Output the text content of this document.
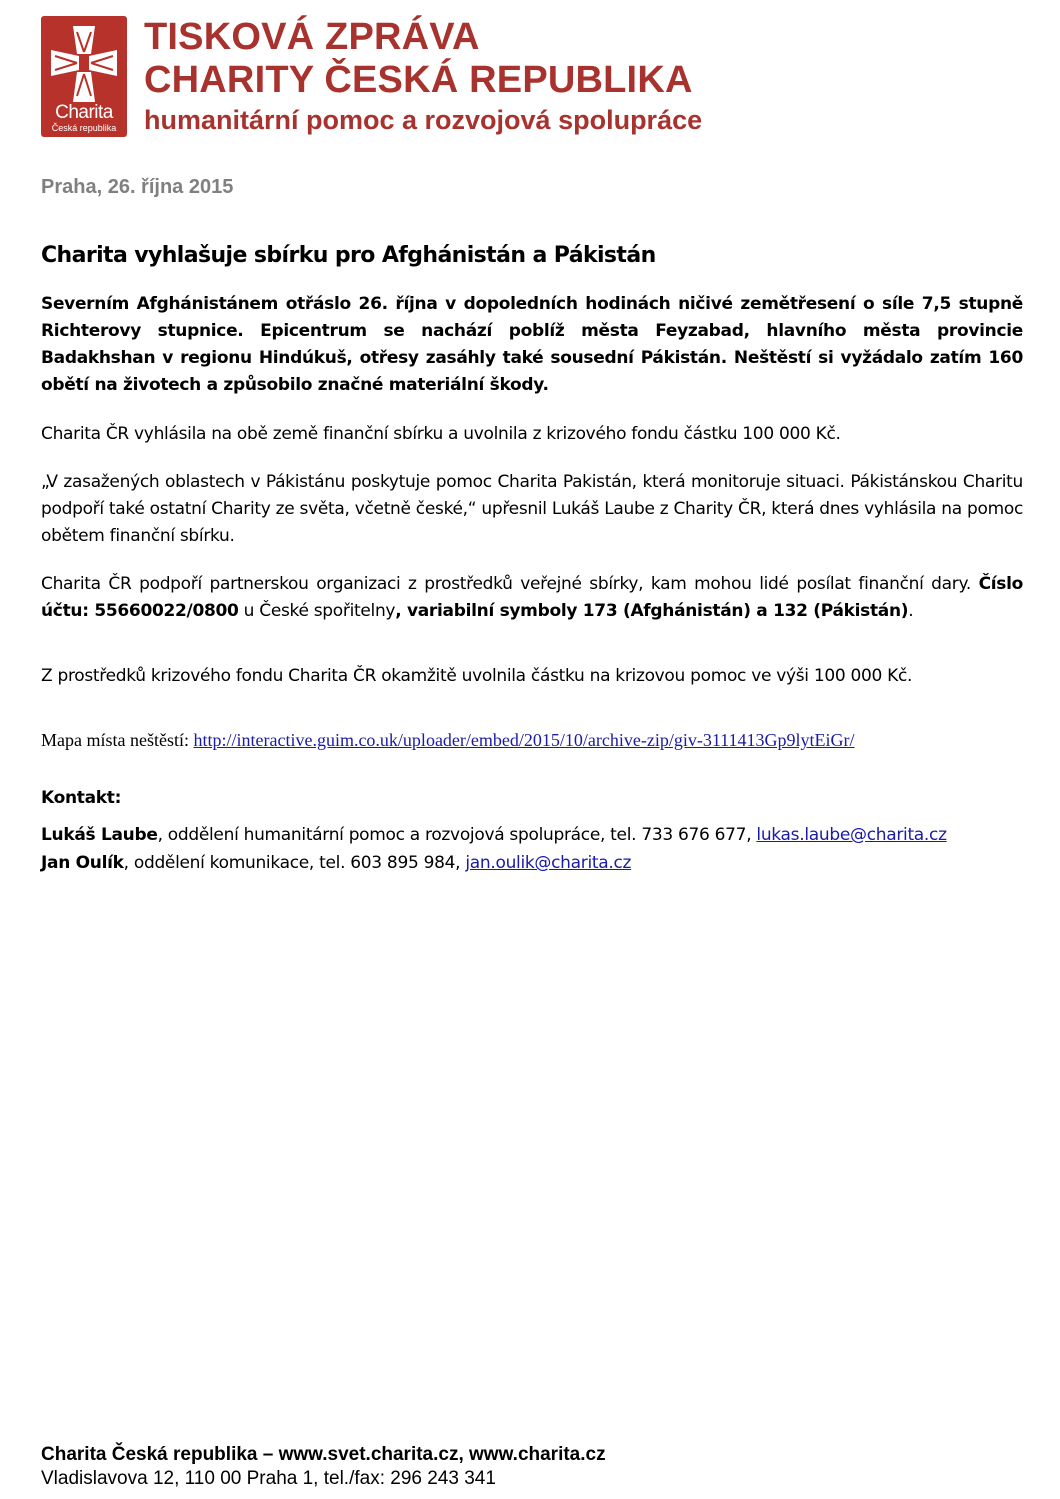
Charita
Česká republika
TISKOVÁ ZPRÁVA
CHARITY ČESKÁ REPUBLIKA
humanitární pomoc a rozvojová spolupráce
Praha, 26. října 2015
Charita vyhlašuje sbírku pro Afghánistán a Pákistán
Severním Afghánistánem otřáslo 26. října v dopoledních hodinách ničivé zemětřesení o síle 7,5 stupně Richterovy stupnice. Epicentrum se nachází poblíž města Feyzabad, hlavního města provincie Badakhshan v regionu Hindúkuš, otřesy zasáhly také sousední Pákistán. Neštěstí si vyžádalo zatím 160 obětí na životech a způsobilo značné materiální škody.
Charita ČR vyhlásila na obě země finanční sbírku a uvolnila z krizového fondu částku 100 000 Kč.
„V zasažených oblastech v Pákistánu poskytuje pomoc Charita Pakistán, která monitoruje situaci. Pákistánskou Charitu podpoří také ostatní Charity ze světa, včetně české,“ upřesnil Lukáš Laube z Charity ČR, která dnes vyhlásila na pomoc obětem finanční sbírku.
Charita ČR podpoří partnerskou organizaci z prostředků veřejné sbírky, kam mohou lidé posílat finanční dary. Číslo účtu: 55660022/0800 u České spořitelny, variabilní symboly 173 (Afghánistán) a 132 (Pákistán).
Z prostředků krizového fondu Charita ČR okamžitě uvolnila částku na krizovou pomoc ve výši 100 000 Kč.
Mapa místa neštěstí: http://interactive.guim.co.uk/uploader/embed/2015/10/archive-zip/giv-3111413Gp9lytEiGr/
Kontakt:
Lukáš Laube, oddělení humanitární pomoc a rozvojová spolupráce, tel. 733 676 677, lukas.laube@charita.cz
Jan Oulík, oddělení komunikace, tel. 603 895 984, jan.oulik@charita.cz
Charita Česká republika – www.svet.charita.cz, www.charita.cz
Vladislavova 12, 110 00 Praha 1, tel./fax: 296 243 341
